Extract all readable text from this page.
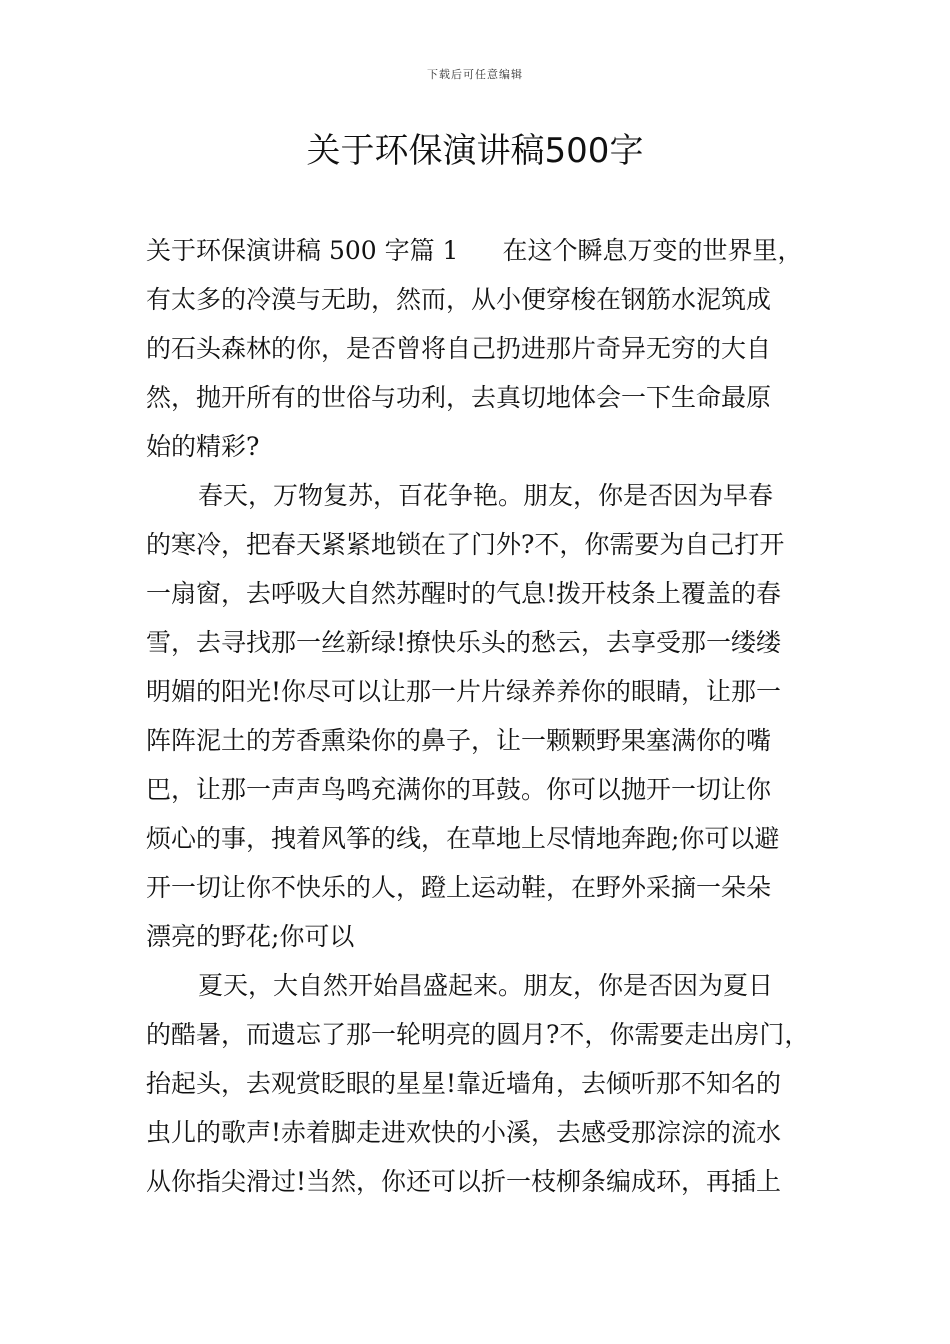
下载后可任意编辑
关于环保演讲稿500字
关于环保演讲稿 500 字篇 1 在这个瞬息万变的世界里，
有太多的冷漠与无助，然而，从小便穿梭在钢筋水泥筑成
的石头森林的你，是否曾将自己扔进那片奇异无穷的大自
然，抛开所有的世俗与功利，去真切地体会一下生命最原
始的精彩?
春天，万物复苏，百花争艳。朋友，你是否因为早春
的寒冷，把春天紧紧地锁在了门外?不，你需要为自己打开
一扇窗，去呼吸大自然苏醒时的气息!拨开枝条上覆盖的春
雪，去寻找那一丝新绿!撩快乐头的愁云，去享受那一缕缕
明媚的阳光!你尽可以让那一片片绿养养你的眼睛，让那一
阵阵泥土的芳香熏染你的鼻子，让一颗颗野果塞满你的嘴
巴，让那一声声鸟鸣充满你的耳鼓。你可以抛开一切让你
烦心的事，拽着风筝的线，在草地上尽情地奔跑;你可以避
开一切让你不快乐的人，蹬上运动鞋，在野外采摘一朵朵
漂亮的野花;你可以
夏天，大自然开始昌盛起来。朋友，你是否因为夏日
的酷暑，而遗忘了那一轮明亮的圆月?不，你需要走出房门，
抬起头，去观赏眨眼的星星!靠近墙角，去倾听那不知名的
虫儿的歌声!赤着脚走进欢快的小溪，去感受那淙淙的流水
从你指尖滑过!当然，你还可以折一枝柳条编成环，再插上
